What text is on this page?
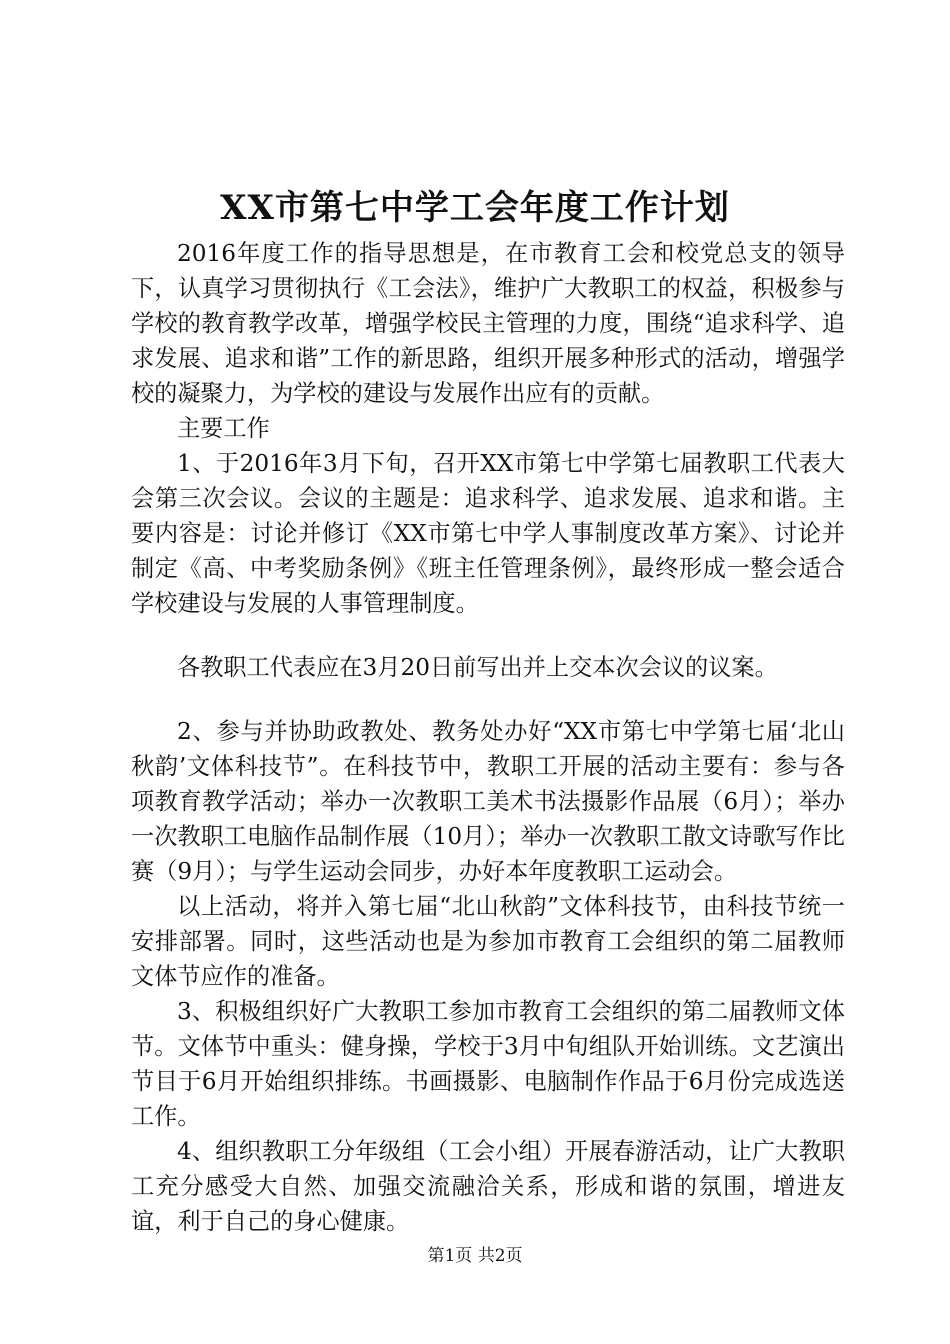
XX市第七中学工会年度工作计划

2016年度工作的指导思想是，在市教育工会和校党总支的领导下，认真学习贯彻执行《工会法》，维护广大教职工的权益，积极参与学校的教育教学改革，增强学校民主管理的力度，围绕“追求科学、追求发展、追求和谐”工作的新思路，组织开展多种形式的活动，增强学校的凝聚力，为学校的建设与发展作出应有的贡献。

主要工作

1、于2016年3月下旬，召开XX市第七中学第七届教职工代表大会第三次会议。会议的主题是：追求科学、追求发展、追求和谐。主要内容是：讨论并修订《XX市第七中学人事制度改革方案》、讨论并制定《高、中考奖励条例》《班主任管理条例》，最终形成一整会适合学校建设与发展的人事管理制度。

各教职工代表应在3月20日前写出并上交本次会议的议案。

2、参与并协助政教处、教务处办好“XX市第七中学第七届‘北山秋韵’文体科技节”。在科技节中，教职工开展的活动主要有：参与各项教育教学活动；举办一次教职工美术书法摄影作品展（6月）；举办一次教职工电脑作品制作展（10月）；举办一次教职工散文诗歌写作比赛（9月）；与学生运动会同步，办好本年度教职工运动会。

以上活动，将并入第七届“北山秋韵”文体科技节，由科技节统一安排部署。同时，这些活动也是为参加市教育工会组织的第二届教师文体节应作的准备。

3、积极组织好广大教职工参加市教育工会组织的第二届教师文体节。文体节中重头：健身操，学校于3月中旬组队开始训练。文艺演出节目于6月开始组织排练。书画摄影、电脑制作作品于6月份完成选送工作。

4、组织教职工分年级组（工会小组）开展春游活动，让广大教职工充分感受大自然、加强交流融洽关系，形成和谐的氛围，增进友谊，利于自己的身心健康。

第1页 共2页
